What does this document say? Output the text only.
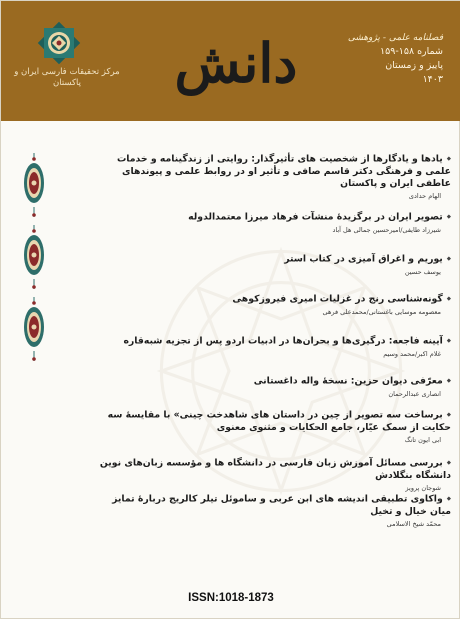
مرکز تحقیقات فارسی ایران و پاکستان	دانش	فصلنامه علمی - پژوهشی
شماره ۱۵۸-۱۵۹
پاییز و زمستان
۱۴۰۳
◆ یادها و یادگارها از شخصیت های تأثیرگذار: روایتی از زندگینامه و خدمات علمی و فرهنگی دکتر قاسم صافی و تأثیر او در روابط علمی و پیوندهای عاطفی ایران و پاکستان
الهام حدادی
◆ تصویر ایران در برگزیدهٔ منشآت فرهاد میرزا معتمدالدوله
شیرزاد طایفی/امیرحسین جمالی هل آباد
◆ یوریم و اغراق آمیزی در کتاب استر
یوسف حسین
◆ گونه‌شناسی رنج در غزلیات امیری فیروزکوهی
معصومه موسایی باغستانی/محمدعلی فرهی
◆ آیینه فاجعه: درگیری‌ها و بحران‌ها در ادبیات اردو پس از تجزیه شبه‌قاره
غلام اکبر/محمد وسیم
◆ معرّفی دیوان حزین: نسخهٔ واله داغستانی
انصاری عبدالرحمان
◆ برساخت سه تصویر از چین در داستان های شاهدخت چینی» با مقایسهٔ سه حکایت از سمک عیّار، جامع الحکایات و مثنوی معنوی
ابی ایون تانگ
◆ بررسی مسائل آموزش زبان فارسی در دانشگاه ها و مؤسسه زبان‌های نوین دانشگاه بنگلادش
شوجان پرویز
◆ واکاوی تطبیقی اندیشه های ابن عربی و ساموئل تیلر کالریج دربارهٔ تمایز میان خیال و تخیل
محمّد شیخ الاسلامی
ISSN:1018-1873
